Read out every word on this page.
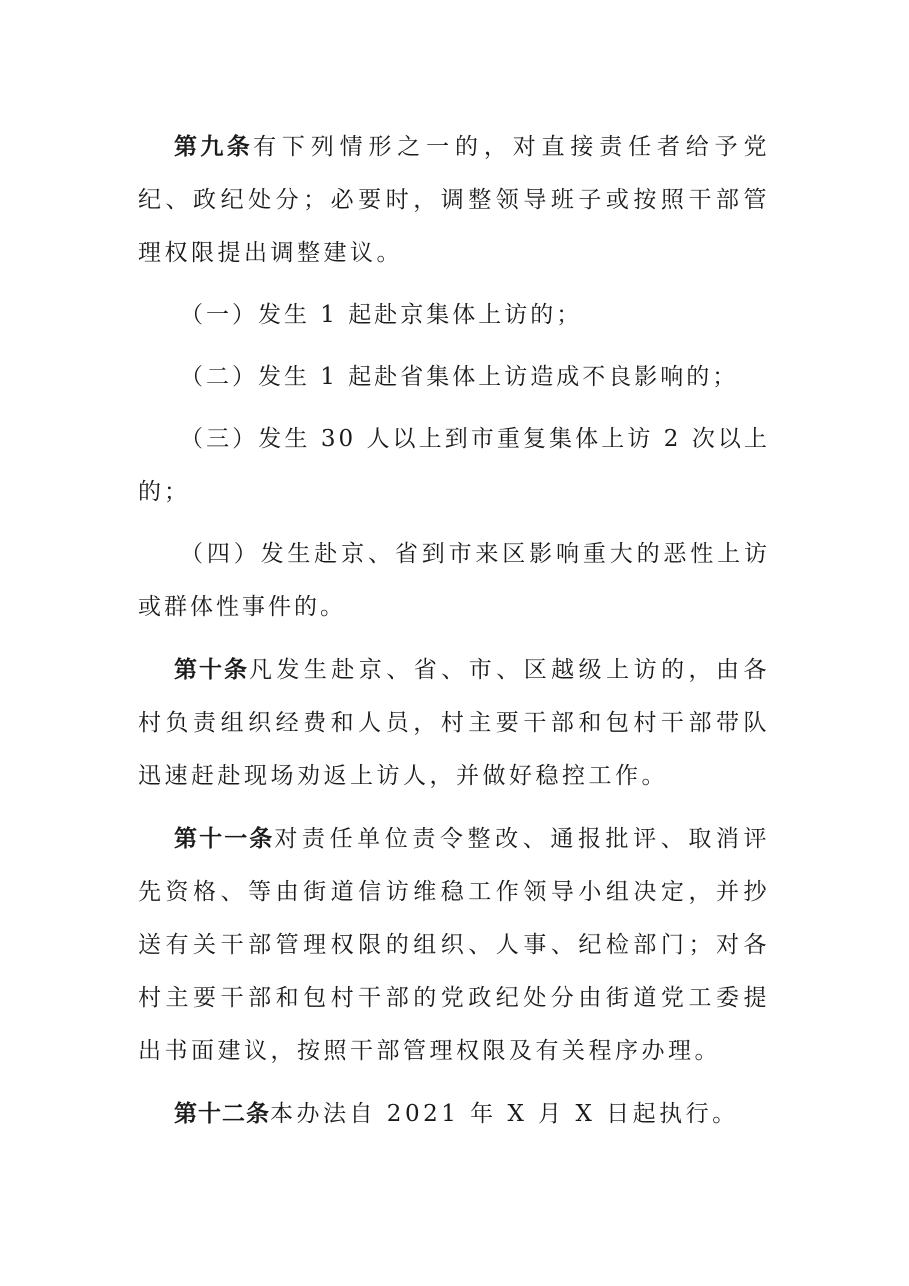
第九条有下列情形之一的，对直接责任者给予党纪、政纪处分；必要时，调整领导班子或按照干部管理权限提出调整建议。

（一）发生 1 起赴京集体上访的；

（二）发生 1 起赴省集体上访造成不良影响的；

（三）发生 30 人以上到市重复集体上访 2 次以上的；

（四）发生赴京、省到市来区影响重大的恶性上访或群体性事件的。

第十条凡发生赴京、省、市、区越级上访的，由各村负责组织经费和人员，村主要干部和包村干部带队迅速赶赴现场劝返上访人，并做好稳控工作。

第十一条对责任单位责令整改、通报批评、取消评先资格、等由街道信访维稳工作领导小组决定，并抄送有关干部管理权限的组织、人事、纪检部门；对各村主要干部和包村干部的党政纪处分由街道党工委提出书面建议，按照干部管理权限及有关程序办理。

第十二条本办法自 2021 年 X 月 X 日起执行。
